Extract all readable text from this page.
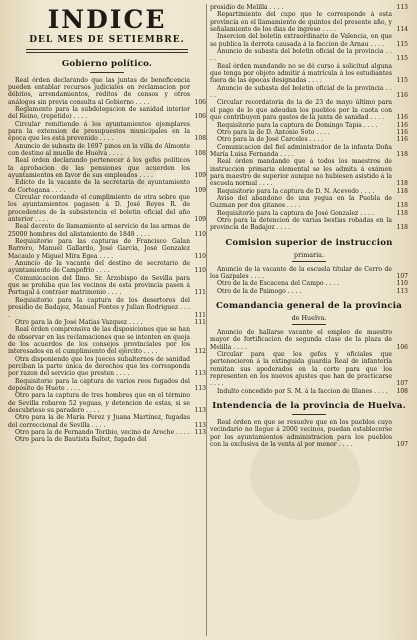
INDICE
DEL MES DE SETIEMBRE.
Gobierno político.

Real órden declarando que las juntas de beneficencia pueden entablar recursos judiciales en reclamacion por débitos, arrendamientos, réditos de censos y otros análogos sin previa consulta al Gobierno . . . .	106

Reglamento para la subdelegacion de sanidad interior del Reino, (repetido) . . . .	106

Circular remitiendo á los ayuntamientos ejemplares para la extension de presupuestos municipales en la época que les está prevenido . . . .	108

Anuncio de subasta de 1697 pinos en la villa de Almonte con destino al muelle de Huelva . . . .	108

Real órden declarando pertenecer á los gefes políticos la aprobacion de las pensiones que acuerden los ayuntamientos en favor de sus empleados . . . .	109

Edicto de la vacante de la secretaría de ayuntamiento de Cortegana . . . .	109

Circular recordando el cumplimiento de otra sobre que los ayuntamientos pagasen á D. José Reyes R. de procedentes de la subsistencia el boletin oficial del año anterior . . . .	109

Real decreto de llamamiento al servicio de las armas de 25000 hombres del alistamiento de 1848 . . . .	110

Requisitorio para las capturas de Francisco Galan Barrero, Manuel Gallardo, José García, José Gonzalez Macaulo y Miguel Mira Egea . . . .	110

Anuncio de la vacante del destino de secretario de ayuntamiento de Campofrío . . . .	110

Comunicacion del Ilmo. Sr. Arzobispo de Sevilla para que se prohiba que los vecinos de esta provincia pasen á Portugal á contraer matrimonio . . . .	111

Requisitorio para la captura de los desertores del presidio de Badajoz, Manuel Fontes y Julian Rodriguez . . . .	111

Otro para la de José Matías Vazquez . . . .	111

Real órden comprensiva de las disposiciones que se han de observar en las reclamaciones que se intenten en queja de los acuerdos de los consejos provinciales por los interesados en el cumplimiento del ejército . . . .	112

Otra disponiendo que los jueces subalternos de sanidad perciban la parte única de derechos que les corresponda por razon del servicio que presten . . . .	113

Requisitorio para la captura de varios reos fugados del depósito de Huete . . . .	113

Otro para la captura de tres hombres que en el término de Sevilla robaron 52 yeguas, y detencion de estas, si se descubriese su paradero . . . .	113

Otro para la de María Perez y Juana Martínez, fugadas del correccional de Sevilla . . . .	113

Otro para la de Fernando Toribio, vecino de Aroche . . . . 113

Otro para la de Bautista Baltet, fugado del

presidio de Melilla . . . .	113

Repartimiento del cupo que le corresponde á esta provincia en el llamamiento de quintos del presente año, y señalamiento de los dias de ingreso . . . .	114

Insercion del boletin extraordinario de Valencia, en que se publica la derrota causada á la faccion de Arnau . . . .	115

Anuncio de subasta del boletin oficial de la provincia . . . .	115

Real órden mandando no se dé curso á solicitud alguna que tenga por objeto admitir á matrícula á los estudiantes fuera de las épocas designadas . . . .	115

Anuncio de subasta del boletin oficial de la provincia . . . .	116

Circular recordatoria de la de 23 de mayo último para el pago de lo que adeudan los pueblos por la cuota con que contribuyen para gastos de la junta de sanidad . . . .	116

Requisitorio para la captura de Domingo Tapia . . . .	116

Otro para la de D. Antonio Soto . . . .	116

Otro para la de José Carceles . . . .	116

Comunicacion del fiel administrador de la infanta Doña María Luisa Fernanda . . . .	118

Real órden mandando que á todos los maestros de instruccion primaria elemental se les admita á exámen para maestro de superior aunque no hubiesen asistido á la escuela normal . . . .	118

Requisitorio para la captura de D. N. Acevedo . . . .	118

Aviso del abandono de una yegua en la Puebla de Guzman por dos gitanos . . . .	118

Requisitorio para la captura de José Gonzalez . . . .	118

Otro para la detencion de varias bestias robadas en la provincia de Badajoz . . . .	118

Comision superior de instruccion
primaria.

Anuncio de la vacante de la escuela titular de Cerro de los Gazpales . . . .	107

Otro de la de Escacena del Campo . . . .	110

Otro de la de Paimogo . . . .	113

Comandancia general de la provincia
de Huelva.

Anuncio de hallarse vacante el empleo de maestro mayor de fortificacion de segunda clase de la plaza de Melilla . . . .	106

Circular para que los gefes y oficiales que pertenecieron á la extinguida guardia Real de infantería remitan sus apoderados en la corte para que los representen en los nuevos ajustes que han de practicarse . . . .	107

Indulto concedido por S. M. á la faccion de Illanes . . . .	108

Intendencia de la provincia de Huelva.

Real órden en que se resuelve que en los pueblos cuyo vecindario no llegue á 2000 vecinos, puedan establecerse por los ayuntamientos administracion para los pueblos con la exclusiva de la venta al por menor . . . .	107
